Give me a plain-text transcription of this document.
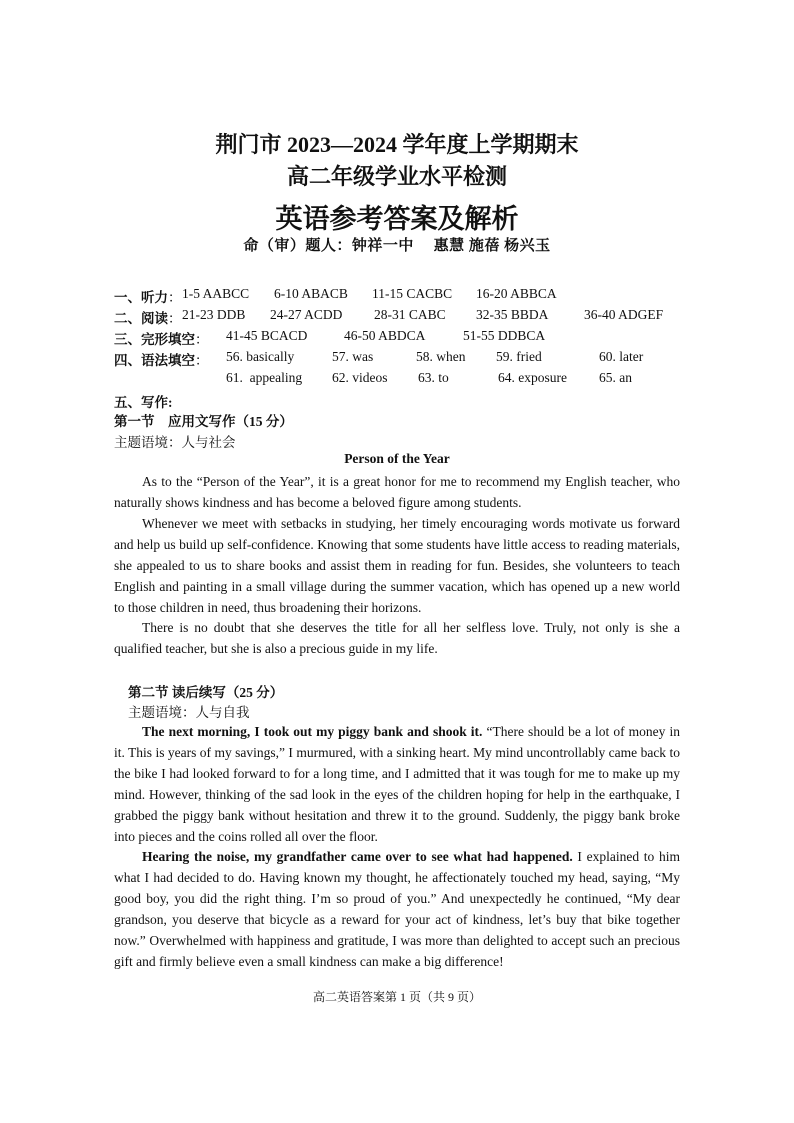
荆门市 2023—2024 学年度上学期期末
高二年级学业水平检测
英语参考答案及解析
命（审）题人：钟祥一中　 惠慧 施蓓 杨兴玉
一、听力： 1-5 AABCC 6-10 ABACB 11-15 CACBC 16-20 ABBCA
二、阅读： 21-23 DDB 24-27 ACDD 28-31 CABC 32-35 BBDA	36-40 ADGEF
三、完形填空： 41-45 BCACD	46-50 ABDCA	51-55 DDBCA
四、语法填空： 56. basically	57. was	58. when 59. fried	60. later
61.  appealing 62. videos 63. to	64. exposure 65. an
五、写作:
第一节　应用文写作（15 分）
主题语境：人与社会
Person of the Year

As to the “Person of the Year”, it is a great honor for me to recommend my English teacher, who naturally shows kindness and has become a beloved figure among students.

Whenever we meet with setbacks in studying, her timely encouraging words motivate us forward and help us build up self-confidence. Knowing that some students have little access to reading materials, she appealed to us to share books and assist them in reading for fun. Besides, she volunteers to teach English and painting in a small village during the summer vacation, which has opened up a new world to those children in need, thus broadening their horizons.

There is no doubt that she deserves the title for all her selfless love. Truly, not only is she a qualified teacher, but she is also a precious guide in my life.

第二节 读后续写（25 分）
主题语境：人与自我

The next morning, I took out my piggy bank and shook it. “There should be a lot of money in it. This is years of my savings,” I murmured, with a sinking heart. My mind uncontrollably came back to the bike I had looked forward to for a long time, and I admitted that it was tough for me to make up my mind. However, thinking of the sad look in the eyes of the children hoping for help in the earthquake, I grabbed the piggy bank without hesitation and threw it to the ground. Suddenly, the piggy bank broke into pieces and the coins rolled all over the floor.

Hearing the noise, my grandfather came over to see what had happened. I explained to him what I had decided to do. Having known my thought, he affectionately touched my head, saying, “My good boy, you did the right thing. I’m so proud of you.” And unexpectedly he continued, “My dear grandson, you deserve that bicycle as a reward for your act of kindness, let’s buy that bike together now.” Overwhelmed with happiness and gratitude, I was more than delighted to accept such an precious gift and firmly believe even a small kindness can make a big difference!

高二英语答案第 1 页（共 9 页）
